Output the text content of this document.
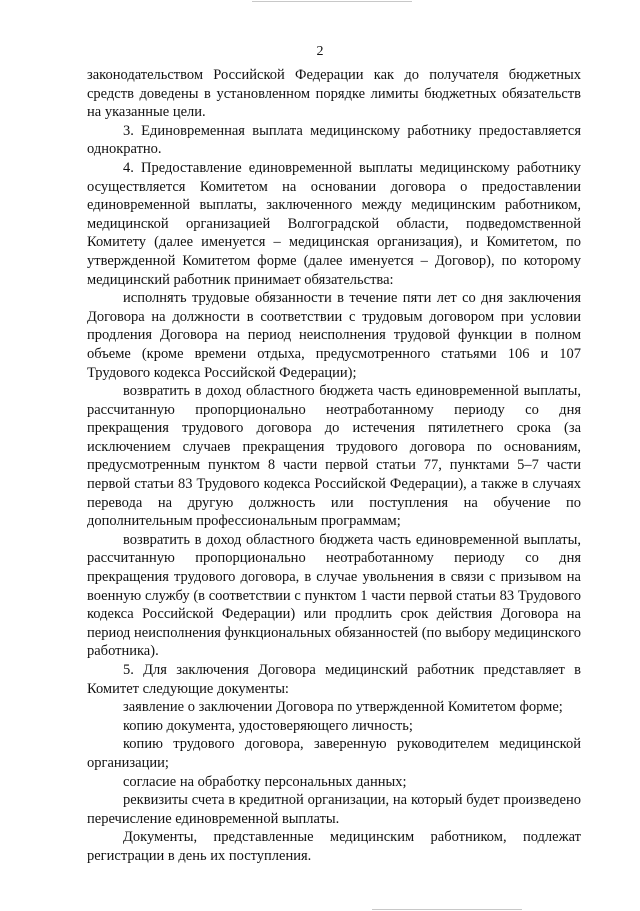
2

законодательством Российской Федерации как до получателя бюджетных средств доведены в установленном порядке лимиты бюджетных обязательств на указанные цели.

3. Единовременная выплата медицинскому работнику предоставляется однократно.

4. Предоставление единовременной выплаты медицинскому работнику осуществляется Комитетом на основании договора о предоставлении единовременной выплаты, заключенного между медицинским работником, медицинской организацией Волгоградской области, подведомственной Комитету (далее именуется – медицинская организация), и Комитетом, по утвержденной Комитетом форме (далее именуется – Договор), по которому медицинский работник принимает обязательства:

исполнять трудовые обязанности в течение пяти лет со дня заключения Договора на должности в соответствии с трудовым договором при условии продления Договора на период неисполнения трудовой функции в полном объеме (кроме времени отдыха, предусмотренного статьями 106 и 107 Трудового кодекса Российской Федерации);

возвратить в доход областного бюджета часть единовременной выплаты, рассчитанную пропорционально неотработанному периоду со дня прекращения трудового договора до истечения пятилетнего срока (за исключением случаев прекращения трудового договора по основаниям, предусмотренным пунктом 8 части первой статьи 77, пунктами 5–7 части первой статьи 83 Трудового кодекса Российской Федерации), а также в случаях перевода на другую должность или поступления на обучение по дополнительным профессиональным программам;

возвратить в доход областного бюджета часть единовременной выплаты, рассчитанную пропорционально неотработанному периоду со дня прекращения трудового договора, в случае увольнения в связи с призывом на военную службу (в соответствии с пунктом 1 части первой статьи 83 Трудового кодекса Российской Федерации) или продлить срок действия Договора на период неисполнения функциональных обязанностей (по выбору медицинского работника).

5. Для заключения Договора медицинский работник представляет в Комитет следующие документы:

заявление о заключении Договора по утвержденной Комитетом форме;

копию документа, удостоверяющего личность;

копию трудового договора, заверенную руководителем медицинской организации;

согласие на обработку персональных данных;

реквизиты счета в кредитной организации, на который будет произведено перечисление единовременной выплаты.

Документы, представленные медицинским работником, подлежат регистрации в день их поступления.
